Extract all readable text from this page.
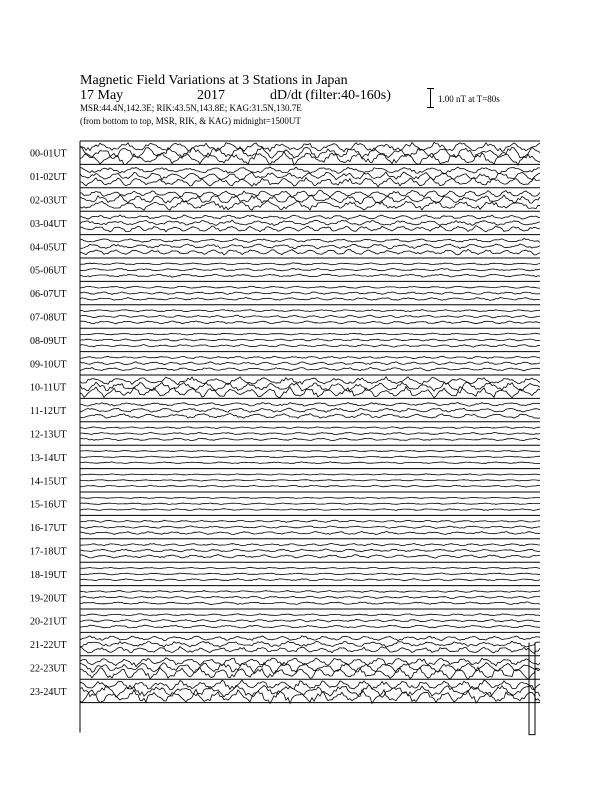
Magnetic Field Variations at 3 Stations in Japan
17 May	2017	dD/dt (filter:40-160s)
MSR:44.4N,142.3E; RIK:43.5N,143.8E; KAG:31.5N,130.7E
(from bottom to top, MSR, RIK, & KAG) midnight=1500UT
1.00 nT at T=80s
00-01UT
01-02UT
02-03UT
03-04UT
04-05UT
05-06UT
06-07UT
07-08UT
08-09UT
09-10UT
10-11UT
11-12UT
12-13UT
13-14UT
14-15UT
15-16UT
16-17UT
17-18UT
18-19UT
19-20UT
20-21UT
21-22UT
22-23UT
23-24UT
